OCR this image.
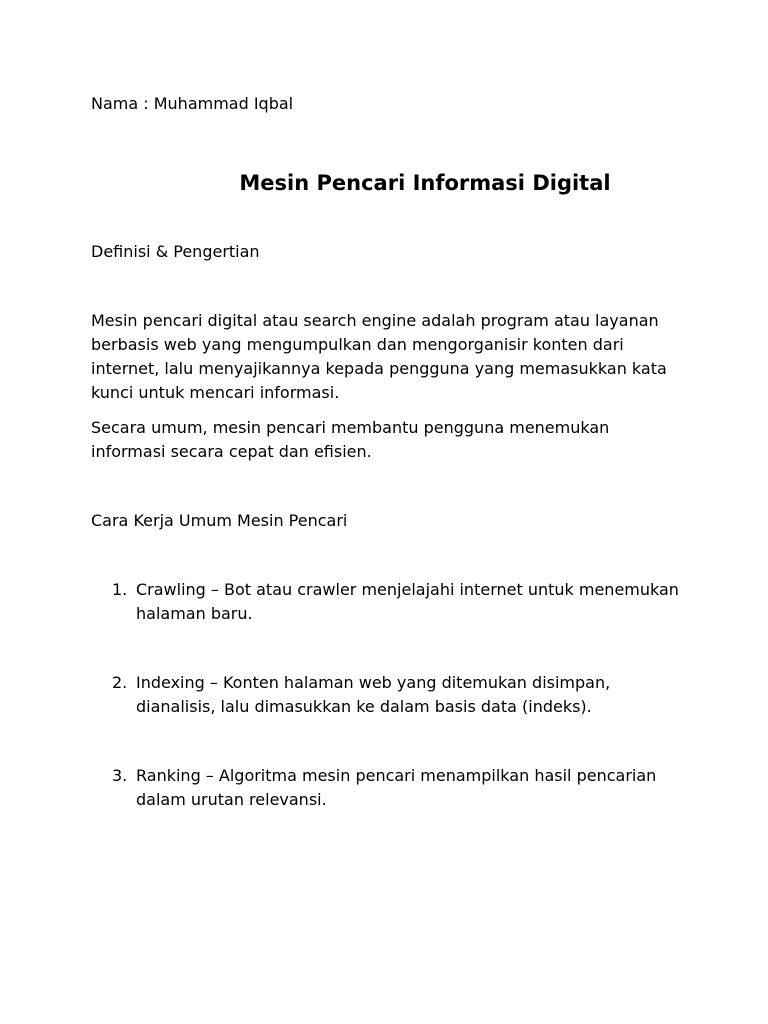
Nama : Muhammad Iqbal

Mesin Pencari Informasi Digital

Definisi & Pengertian

Mesin pencari digital atau search engine adalah program atau layanan berbasis web yang mengumpulkan dan mengorganisir konten dari internet, lalu menyajikannya kepada pengguna yang memasukkan kata kunci untuk mencari informasi.

Secara umum, mesin pencari membantu pengguna menemukan informasi secara cepat dan efisien.

Cara Kerja Umum Mesin Pencari

1. Crawling – Bot atau crawler menjelajahi internet untuk menemukan halaman baru.
2. Indexing – Konten halaman web yang ditemukan disimpan, dianalisis, lalu dimasukkan ke dalam basis data (indeks).
3. Ranking – Algoritma mesin pencari menampilkan hasil pencarian dalam urutan relevansi.
